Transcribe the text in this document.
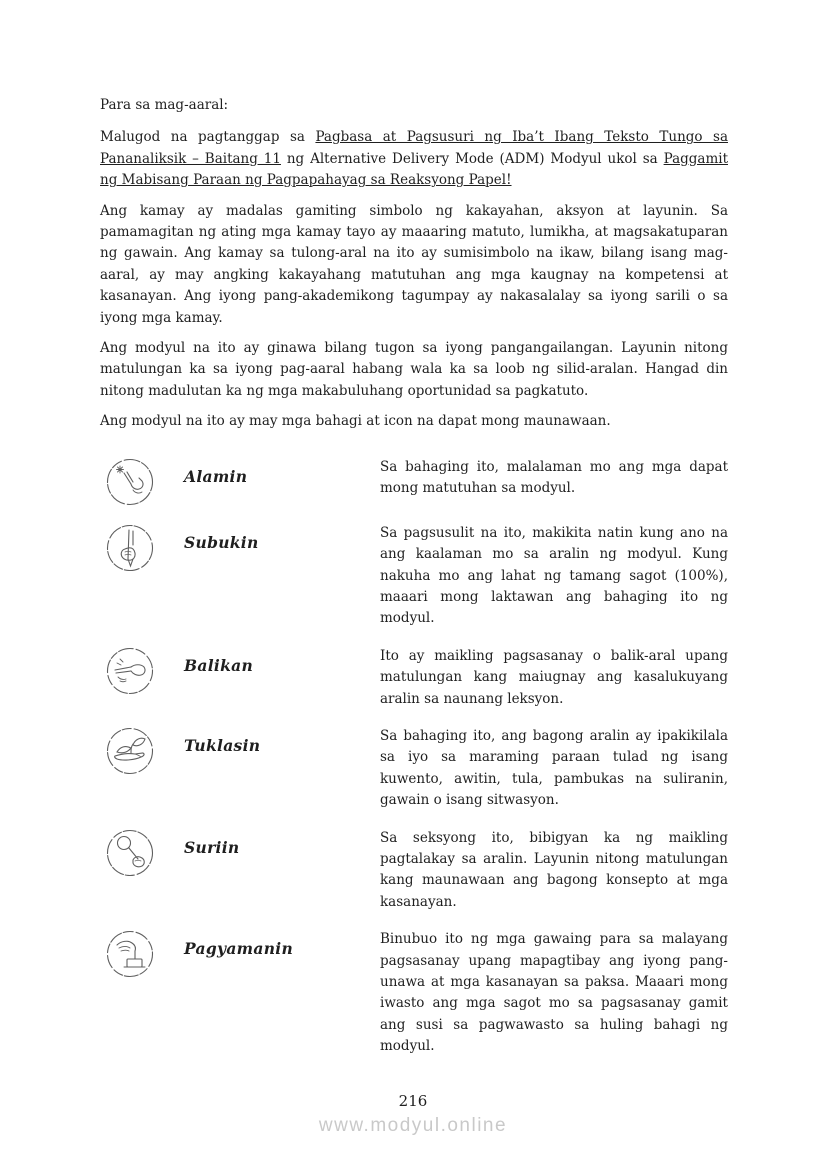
Para sa mag-aaral:

Malugod na pagtanggap sa Pagbasa at Pagsusuri ng Iba’t Ibang Teksto Tungo sa Pananaliksik – Baitang 11 ng Alternative Delivery Mode (ADM) Modyul ukol sa Paggamit ng Mabisang Paraan ng Pagpapahayag sa Reaksyong Papel!

Ang kamay ay madalas gamiting simbolo ng kakayahan, aksyon at layunin. Sa pamamagitan ng ating mga kamay tayo ay maaaring matuto, lumikha, at magsakatuparan ng gawain. Ang kamay sa tulong-aral na ito ay sumisimbolo na ikaw, bilang isang mag-aaral, ay may angking kakayahang matutuhan ang mga kaugnay na kompetensi at kasanayan. Ang iyong pang-akademikong tagumpay ay nakasalalay sa iyong sarili o sa iyong mga kamay.

Ang modyul na ito ay ginawa bilang tugon sa iyong pangangailangan. Layunin nitong matulungan ka sa iyong pag-aaral habang wala ka sa loob ng silid-aralan. Hangad din nitong madulutan ka ng mga makabuluhang oportunidad sa pagkatuto.

Ang modyul na ito ay may mga bahagi at icon na dapat mong maunawaan.

Alamin	Sa bahaging ito, malalaman mo ang mga dapat mong matutuhan sa modyul.
Subukin	Sa pagsusulit na ito, makikita natin kung ano na ang kaalaman mo sa aralin ng modyul. Kung nakuha mo ang lahat ng tamang sagot (100%), maaari mong laktawan ang bahaging ito ng modyul.
Balikan	Ito ay maikling pagsasanay o balik-aral upang matulungan kang maiugnay ang kasalukuyang aralin sa naunang leksyon.
Tuklasin	Sa bahaging ito, ang bagong aralin ay ipakikilala sa iyo sa maraming paraan tulad ng isang kuwento, awitin, tula, pambukas na suliranin, gawain o isang sitwasyon.
Suriin	Sa seksyong ito, bibigyan ka ng maikling pagtalakay sa aralin. Layunin nitong matulungan kang maunawaan ang bagong konsepto at mga kasanayan.
Pagyamanin	Binubuo ito ng mga gawaing para sa malayang pagsasanay upang mapagtibay ang iyong pang-unawa at mga kasanayan sa paksa. Maaari mong iwasto ang mga sagot mo sa pagsasanay gamit ang susi sa pagwawasto sa huling bahagi ng modyul.
216
www.modyul.online
